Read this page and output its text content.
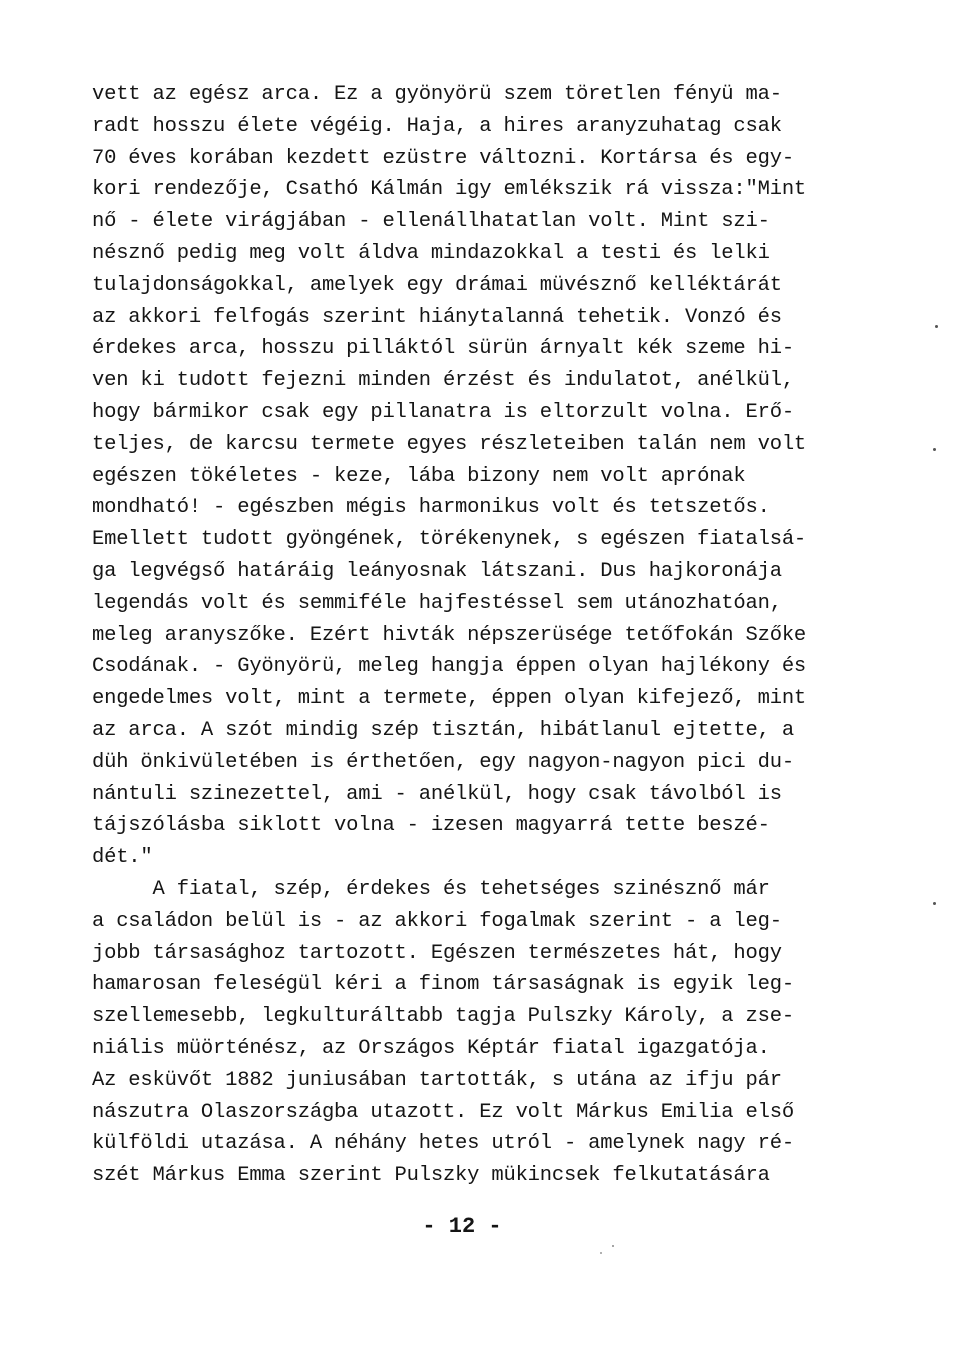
vett az egész arca. Ez a gyönyörü szem töretlen fényü ma-
radt hosszu élete végéig. Haja, a hires aranyzuhatag csak
70 éves korában kezdett ezüstre változni. Kortársa és egy-
kori rendezője, Csathó Kálmán igy emlékszik rá vissza:"Mint
nő - élete virágjában - ellenállhatatlan volt. Mint szi-
nésznő pedig meg volt áldva mindazokkal a testi és lelki
tulajdonságokkal, amelyek egy drámai müvésznő kelléktárát
az akkori felfogás szerint hiánytalanná tehetik. Vonzó és
érdekes arca, hosszu pilláktól sürün árnyalt kék szeme hi-
ven ki tudott fejezni minden érzést és indulatot, anélkül,
hogy bármikor csak egy pillanatra is eltorzult volna. Erő-
teljes, de karcsu termete egyes részleteiben talán nem volt
egészen tökéletes - keze, lába bizony nem volt aprónak
mondható! - egészben mégis harmonikus volt és tetszetős.
Emellett tudott gyöngének, törékenynek, s egészen fiatalsá-
ga legvégső határáig leányosnak látszani. Dus hajkoronája
legendás volt és semmiféle hajfestéssel sem utánozhatóan,
meleg aranyszőke. Ezért hivták népszerüsége tetőfokán Szőke
Csodának. - Gyönyörü, meleg hangja éppen olyan hajlékony és
engedelmes volt, mint a termete, éppen olyan kifejező, mint
az arca. A szót mindig szép tisztán, hibátlanul ejtette, a
düh önkivületében is érthetően, egy nagyon-nagyon pici du-
nántuli szinezettel, ami - anélkül, hogy csak távolból is
tájszólásba siklott volna - izesen magyarrá tette beszé-
dét."
A fiatal, szép, érdekes és tehetséges szinésznő már
a családon belül is - az akkori fogalmak szerint - a leg-
jobb társasághoz tartozott. Egészen természetes hát, hogy
hamarosan feleségül kéri a finom társaságnak is egyik leg-
szellemesebb, legkulturáltabb tagja Pulszky Károly, a zse-
niális müörténész, az Országos Képtár fiatal igazgatója.
Az esküvőt 1882 juniusában tartották, s utána az ifju pár
nászutra Olaszországba utazott. Ez volt Márkus Emilia első
külföldi utazása. A néhány hetes utról - amelynek nagy ré-
szét Márkus Emma szerint Pulszky mükincsek felkutatására
- 12 -
